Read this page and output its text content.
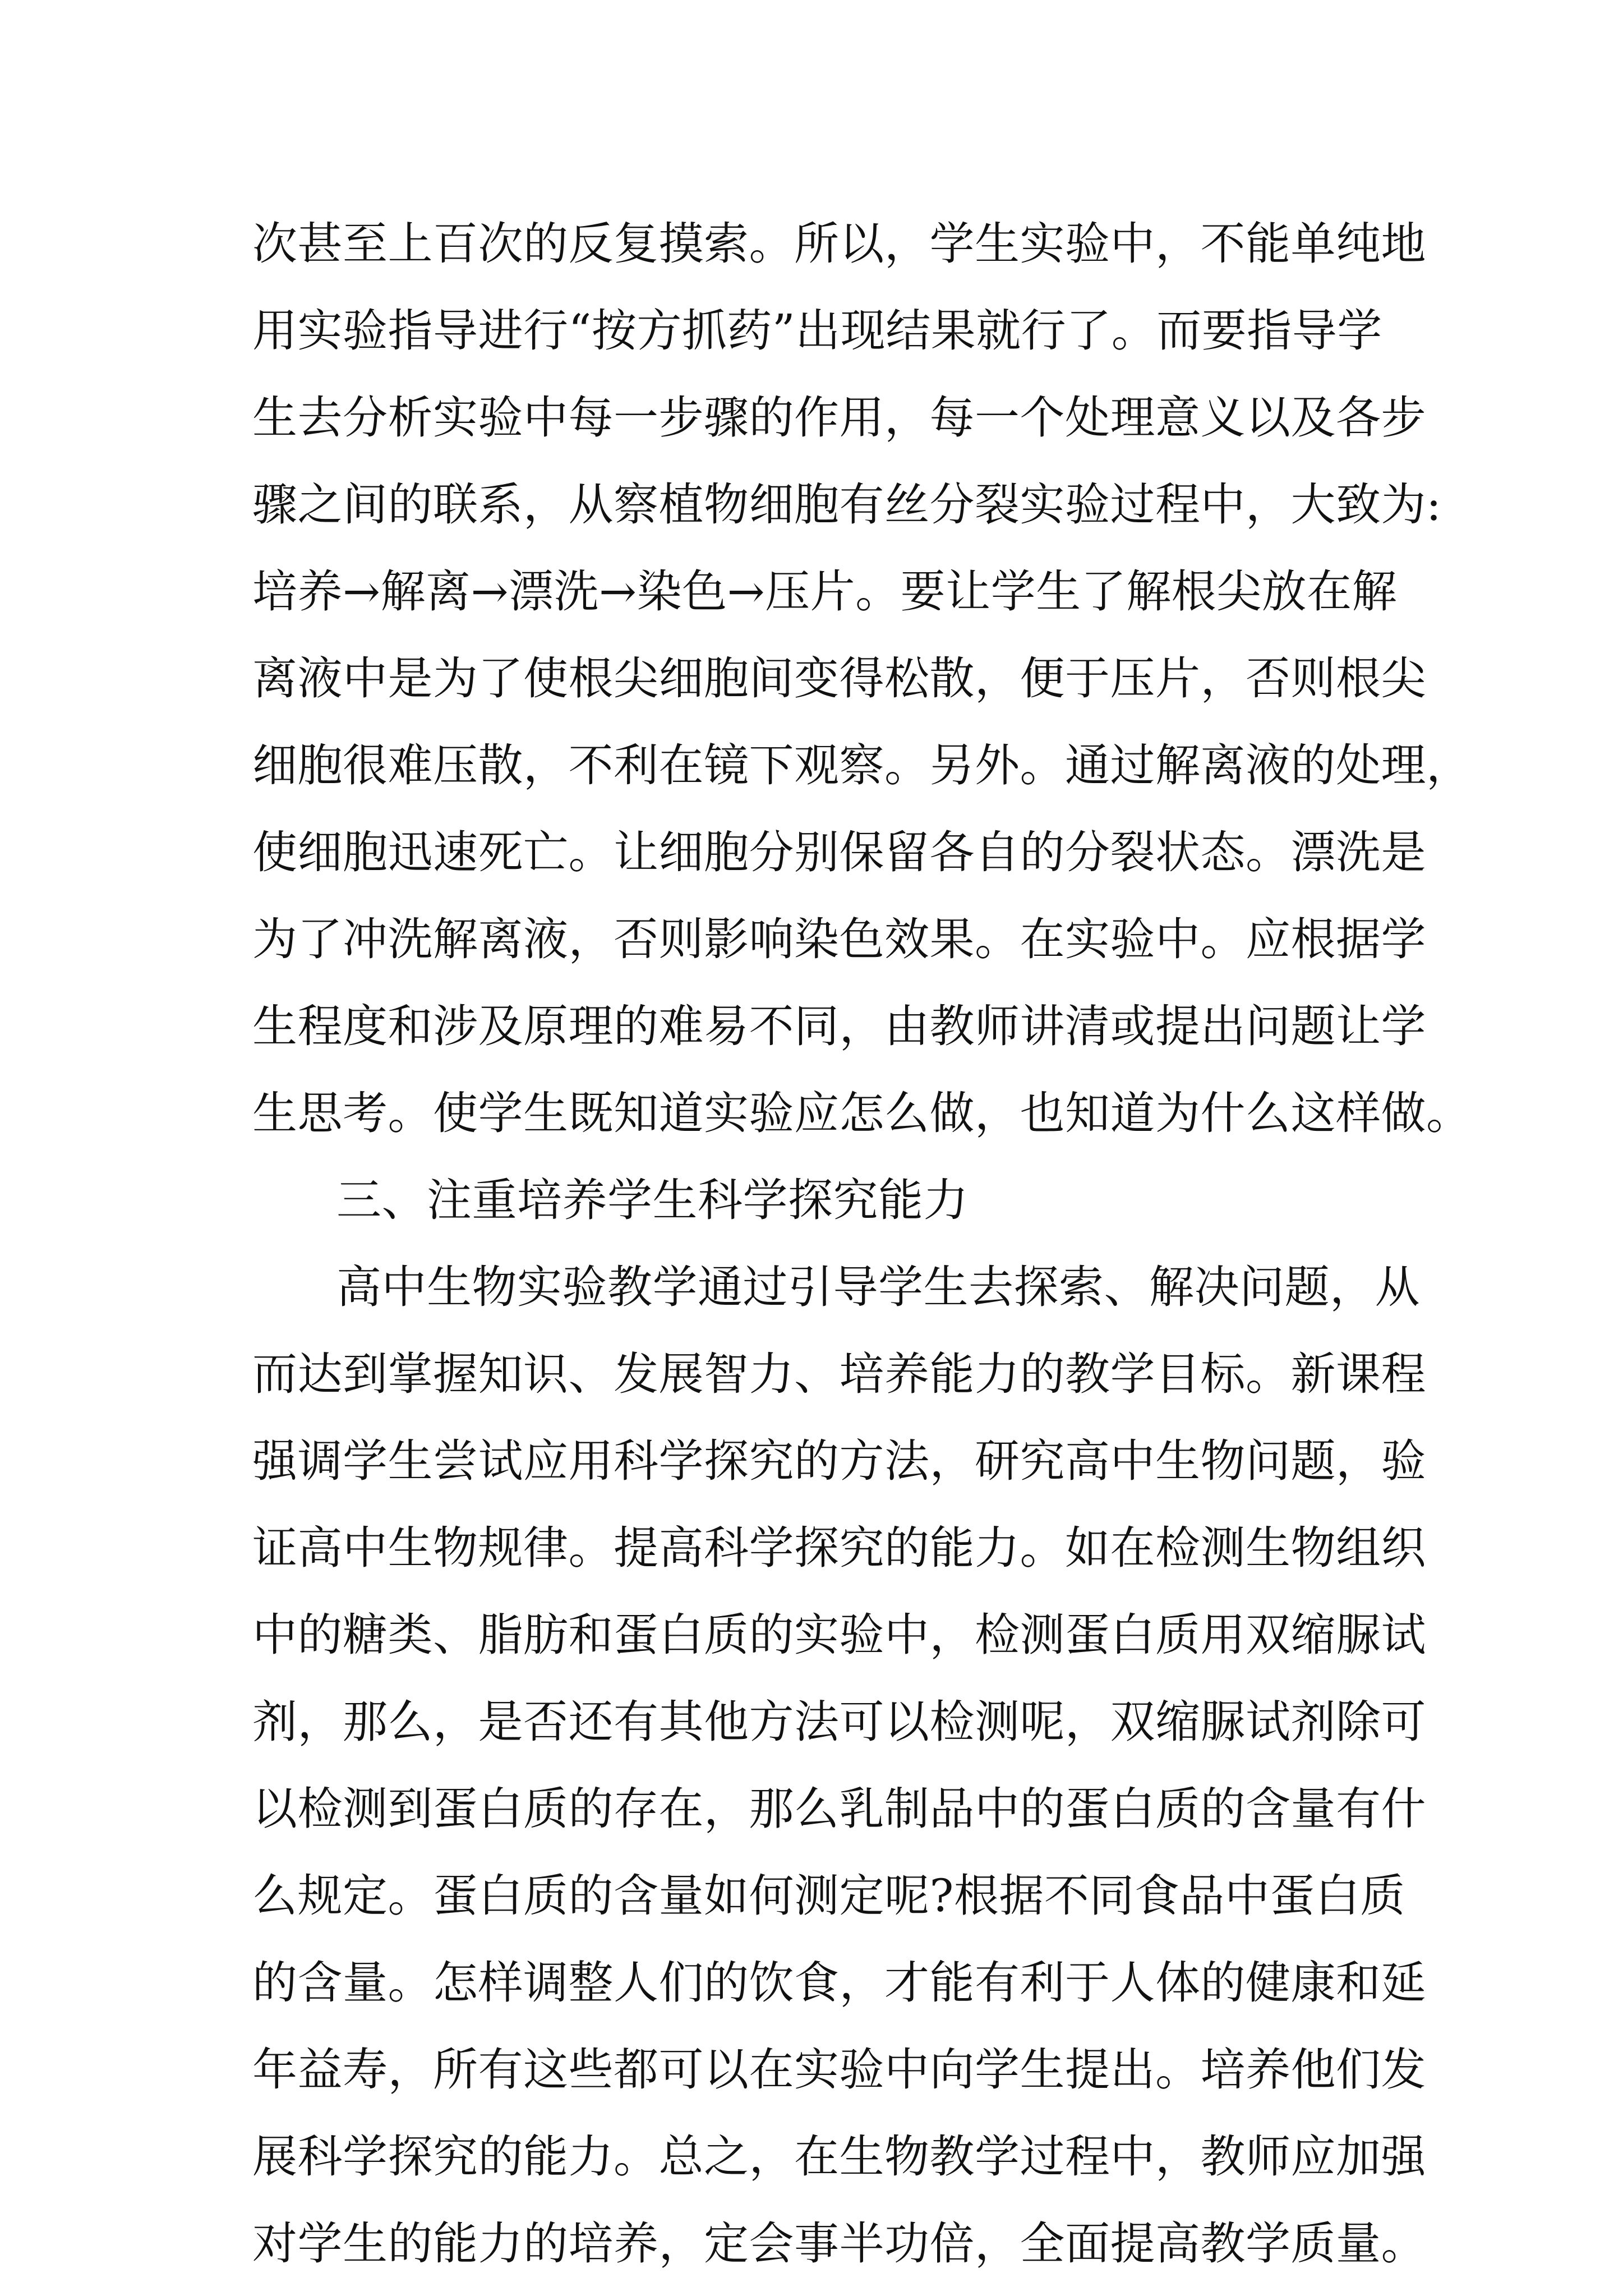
次甚至上百次的反复摸索。所以，学生实验中，不能单纯地
用实验指导进行“按方抓药”出现结果就行了。而要指导学
生去分析实验中每一步骤的作用，每一个处理意义以及各步
骤之间的联系，从察植物细胞有丝分裂实验过程中，大致为:
培养→解离→漂洗→染色→压片。要让学生了解根尖放在解
离液中是为了使根尖细胞间变得松散，便于压片，否则根尖
细胞很难压散，不利在镜下观察。另外。通过解离液的处理，
使细胞迅速死亡。让细胞分别保留各自的分裂状态。漂洗是
为了冲洗解离液，否则影响染色效果。在实验中。应根据学
生程度和涉及原理的难易不同，由教师讲清或提出问题让学
生思考。使学生既知道实验应怎么做，也知道为什么这样做。
三、注重培养学生科学探究能力
高中生物实验教学通过引导学生去探索、解决问题，从
而达到掌握知识、发展智力、培养能力的教学目标。新课程
强调学生尝试应用科学探究的方法，研究高中生物问题，验
证高中生物规律。提高科学探究的能力。如在检测生物组织
中的糖类、脂肪和蛋白质的实验中，检测蛋白质用双缩脲试
剂，那么，是否还有其他方法可以检测呢，双缩脲试剂除可
以检测到蛋白质的存在，那么乳制品中的蛋白质的含量有什
么规定。蛋白质的含量如何测定呢?根据不同食品中蛋白质
的含量。怎样调整人们的饮食，才能有利于人体的健康和延
年益寿，所有这些都可以在实验中向学生提出。培养他们发
展科学探究的能力。总之，在生物教学过程中，教师应加强
对学生的能力的培养，定会事半功倍，全面提高教学质量。
